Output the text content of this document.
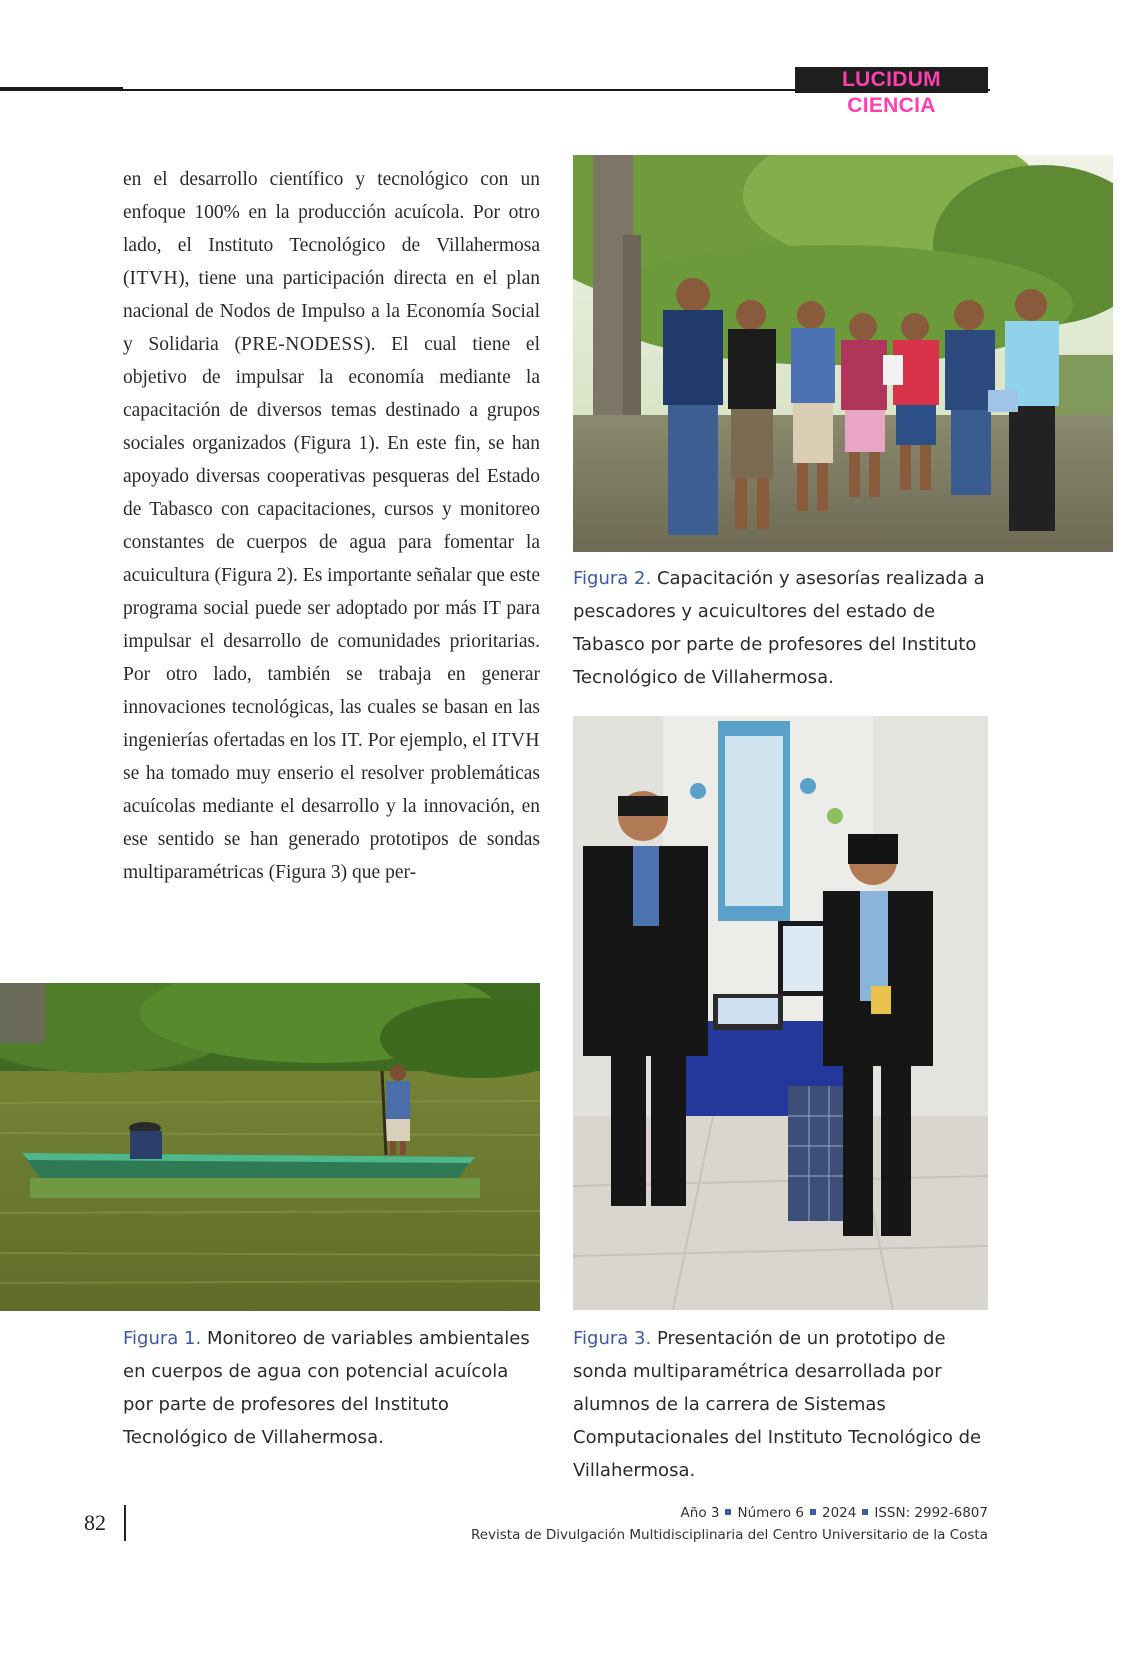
LUCIDUM CIENCIA

en el desarrollo científico y tecnológico con un enfoque 100% en la producción acuícola. Por otro lado, el Instituto Tecnológico de Villahermosa (ITVH), tiene una participación directa en el plan nacional de Nodos de Impulso a la Economía Social y Solidaria (PRE-NODESS). El cual tiene el objetivo de impulsar la economía mediante la capacitación de diversos temas destinado a grupos sociales organizados (Figura 1). En este fin, se han apoyado diversas cooperativas pesqueras del Estado de Tabasco con capacitaciones, cursos y monitoreo constantes de cuerpos de agua para fomentar la acuicultura (Figura 2). Es importante señalar que este programa social puede ser adoptado por más IT para impulsar el desarrollo de comunidades prioritarias. Por otro lado, también se trabaja en generar innovaciones tecnológicas, las cuales se basan en las ingenierías ofertadas en los IT. Por ejemplo, el ITVH se ha tomado muy enserio el resolver problemáticas acuícolas mediante el desarrollo y la innovación, en ese sentido se han generado prototipos de sondas multiparamétricas (Figura 3) que per-

Figura 2. Capacitación y asesorías realizada a pescadores y acuicultores del estado de Tabasco por parte de profesores del Instituto Tecnológico de Villahermosa.

Figura 1. Monitoreo de variables ambientales en cuerpos de agua con potencial acuícola por parte de profesores del Instituto Tecnológico de Villahermosa.

Figura 3. Presentación de un prototipo de sonda multiparamétrica desarrollada por alumnos de la carrera de Sistemas Computacionales del Instituto Tecnológico de Villahermosa.

82	Año 3 Número 6 2024 ISSN: 2992-6807
Revista de Divulgación Multidisciplinaria del Centro Universitario de la Costa
